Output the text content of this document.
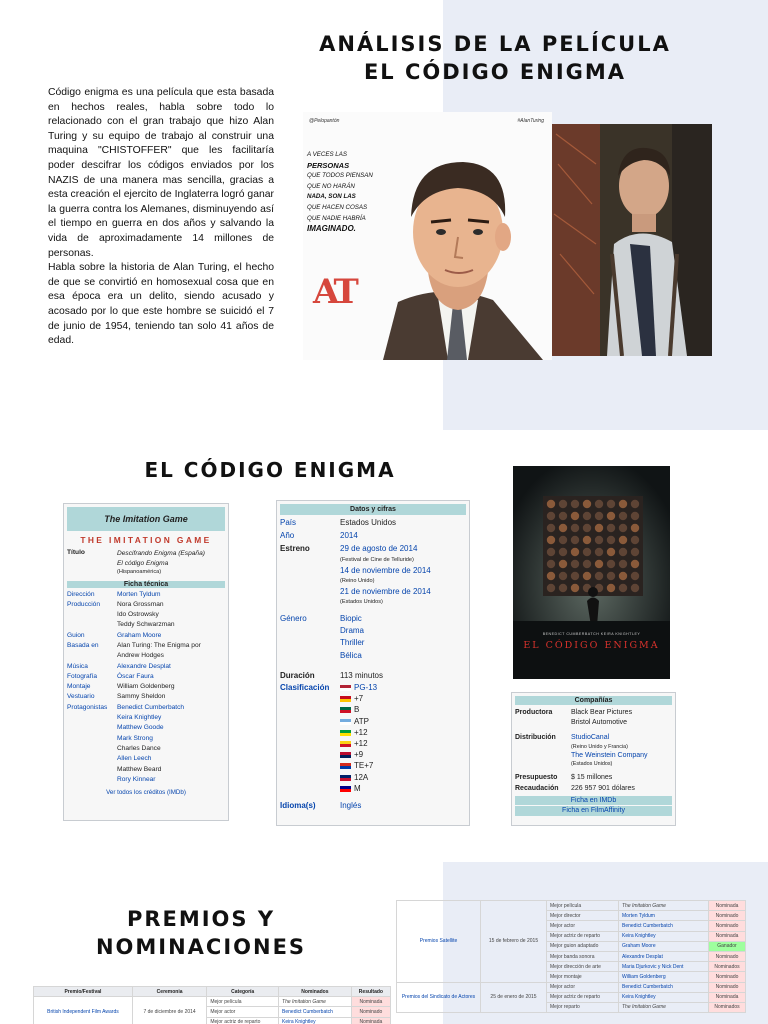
ANÁLISIS DE LA PELÍCULA
EL CÓDIGO ENIGMA

Código enigma es una película que esta basada en hechos reales, habla sobre todo lo relacionado con el gran trabajo que hizo Alan Turing y su equipo de trabajo al construir una maquina "CHISTOFFER" que les facilitaría poder descifrar los códigos enviados por los NAZIS de una manera mas sencilla, gracias a esta creación el ejercito de Inglaterra logró ganar la guerra contra los Alemanes, disminuyendo así el tiempo en guerra en dos años y salvando la vida de aproximadamente 14 millones de personas.

Habla sobre la historia de Alan Turing, el hecho de que se convirtió en homosexual cosa que en esa época era un delito, siendo acusado y acosado por lo que este hombre se suicidó el 7 de junio de 1954, teniendo tan solo 41 años de edad.

@Pelopantón	#AlanTuring
A VECES LAS
PERSONAS
QUE TODOS PIENSAN
QUE NO HARÁN
NADA, SON LAS
QUE HACEN COSAS
QUE NADIE HABRÍA
IMAGINADO.
AT
EL CÓDIGO ENIGMA
The Imitation Game
THE IMITATION GAME
Título	Descifrando Enigma (España)
El código Enigma
(Hispanoamérica)
Ficha técnica
Dirección	Morten Tyldum
Producción	Nora Grossman
Ido Ostrowsky
Teddy Schwarzman
Guion	Graham Moore
Basada en	Alan Turing: The Enigma por
Andrew Hodges
Música	Alexandre Desplat
Fotografía	Óscar Faura
Montaje	William Goldenberg
Vestuario	Sammy Sheldon
Protagonistas	Benedict Cumberbatch
Keira Knightley
Matthew Goode
Mark Strong
Charles Dance
Allen Leech
Matthew Beard
Rory Kinnear
Ver todos los créditos (IMDb)
Datos y cifras
País	Estados Unidos
Año	2014
Estreno	29 de agosto de 2014
(Festival de Cine de Telluride)
14 de noviembre de 2014
(Reino Unido)
21 de noviembre de 2014
(Estados Unidos)
Género	Biopic
Drama
Thriller
Bélica
Duración	113 minutos
Clasificación	PG-13
+7
B
ATP
+12
+12
+9
TE+7
12A
M
Idioma(s)	Inglés
BENEDICT CUMBERBATCH KEIRA KNIGHTLEY
EL CÓDIGO ENIGMA
Compañías
Productora	Black Bear Pictures
Bristol Automotive
Distribución	StudioCanal
(Reino Unido y Francia)
The Weinstein Company
(Estados Unidos)
Presupuesto	$ 15 millones
Recaudación	226 957 901 dólares
Ficha en IMDb
Ficha en FilmAffinity
PREMIOS Y
NOMINACIONES
Premio/Festival	Ceremonia	Categoría	Nominados	Resultado
British Independent Film Awards	7 de diciembre de 2014	Mejor película	The Imitation Game	Nominada
		Mejor actor	Benedict Cumberbatch	Nominado
		Mejor actriz de reparto	Keira Knightley	Nominada
Premios Satellite	15 de febrero de 2015	Mejor película	The Imitation Game	Nominada
		Mejor director	Morten Tyldum	Nominado
		Mejor actor	Benedict Cumberbatch	Nominado
		Mejor actriz de reparto	Keira Knightley	Nominada
		Mejor guion adaptado	Graham Moore	Ganador
		Mejor banda sonora	Alexandre Desplat	Nominado
		Mejor dirección de arte	Maria Djurkovic y Nick Dent	Nominados
		Mejor montaje	William Goldenberg	Nominado
Premios del Sindicato de Actores	25 de enero de 2015	Mejor actor	Benedict Cumberbatch	Nominado
		Mejor actriz de reparto	Keira Knightley	Nominada
		Mejor reparto	The Imitation Game	Nominados
